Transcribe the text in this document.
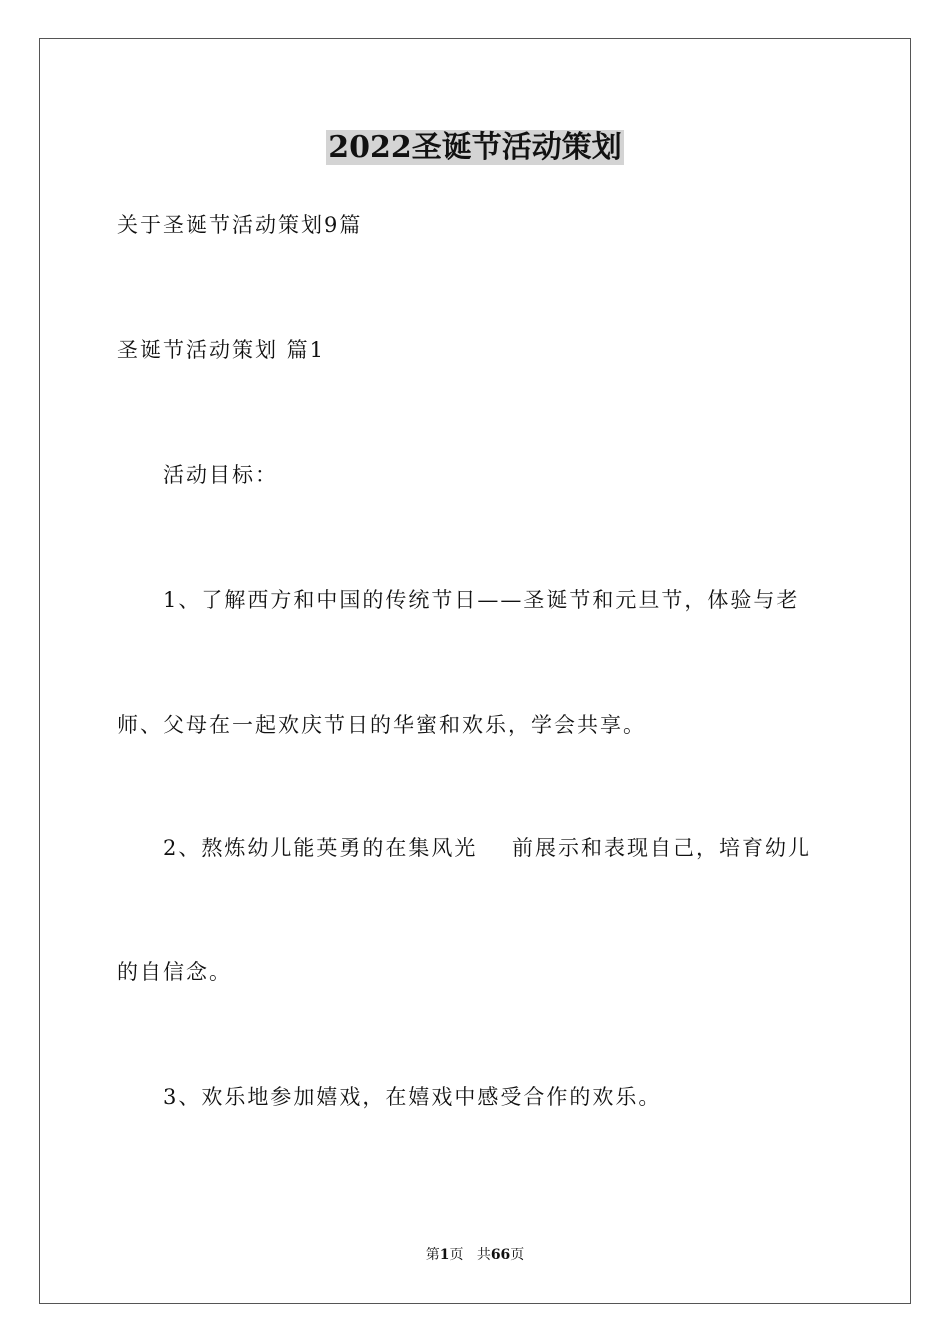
2022圣诞节活动策划
关于圣诞节活动策划9篇
圣诞节活动策划 篇1
活动目标：
1、了解西方和中国的传统节日——圣诞节和元旦节，体验与老
师、父母在一起欢庆节日的华蜜和欢乐，学会共享。
2、熬炼幼儿能英勇的在集风光    前展示和表现自己，培育幼儿
的自信念。
3、欢乐地参加嬉戏，在嬉戏中感受合作的欢乐。
第1页 共66页
